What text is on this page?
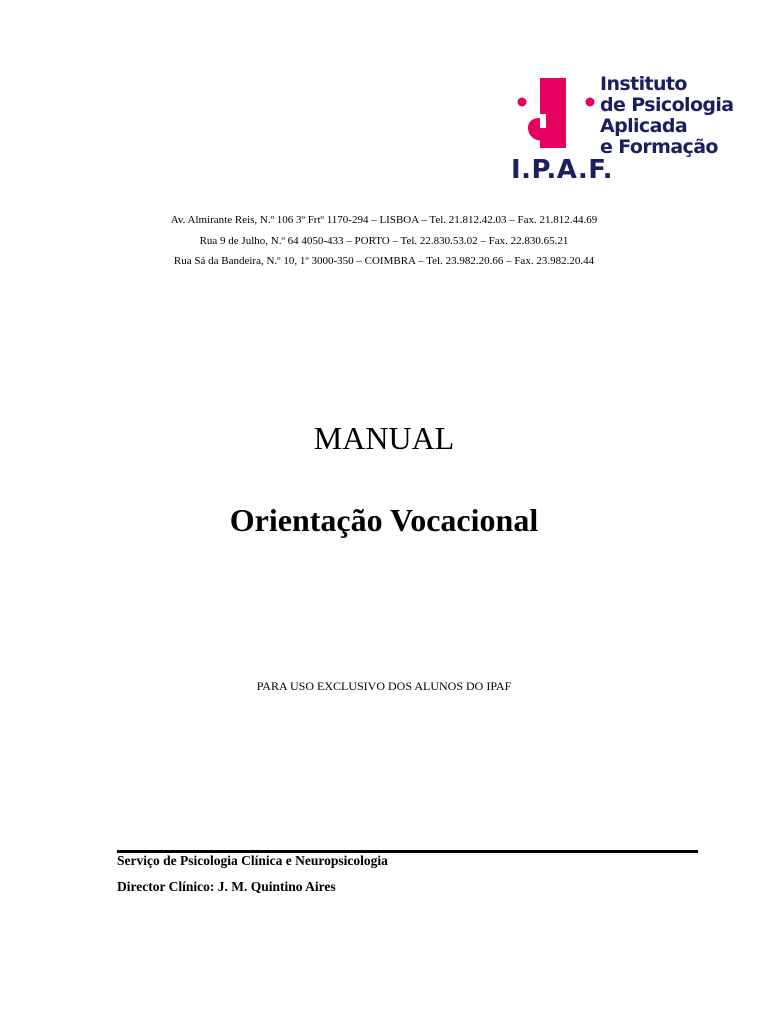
Instituto
de Psicologia
Aplicada
e Formação
I.P.A.F.
Av. Almirante Reis, N.º 106 3º Frtº 1170-294 – LISBOA – Tel. 21.812.42.03 – Fax. 21.812.44.69
Rua 9 de Julho, N.º 64 4050-433 – PORTO – Tel. 22.830.53.02 – Fax. 22.830.65.21
Rua Sá da Bandeira, N.º 10, 1º 3000-350 – COIMBRA – Tel. 23.982.20.66 – Fax. 23.982.20.44
MANUAL
Orientação Vocacional
PARA USO EXCLUSIVO DOS ALUNOS DO IPAF
Serviço de Psicologia Clínica e Neuropsicologia
Director Clínico: J. M. Quintino Aires
